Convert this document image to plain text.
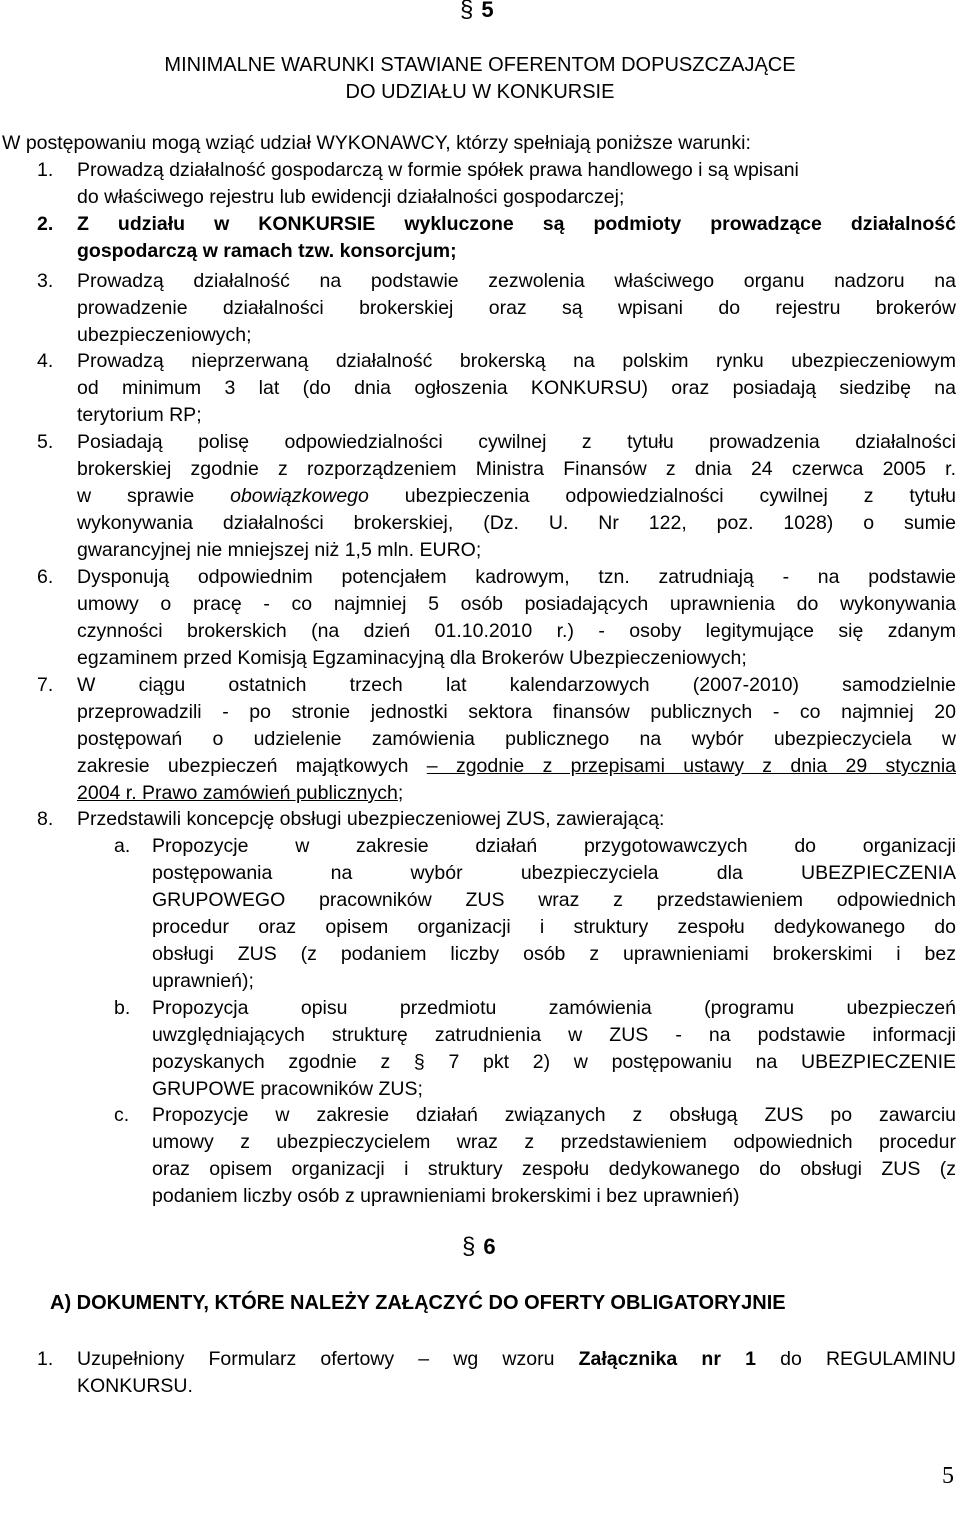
§ 5
MINIMALNE WARUNKI STAWIANE OFERENTOM DOPUSZCZAJĄCE
DO UDZIAŁU W KONKURSIE
W postępowaniu mogą wziąć udział WYKONAWCY, którzy spełniają poniższe warunki:
1. Prowadzą działalność gospodarczą w formie spółek prawa handlowego i są wpisani
do właściwego rejestru lub ewidencji działalności gospodarczej;
2. Z udziału w KONKURSIE wykluczone są podmioty prowadzące działalność
gospodarczą w ramach tzw. konsorcjum;
3. Prowadzą działalność na podstawie zezwolenia właściwego organu nadzoru na
prowadzenie działalności brokerskiej oraz są wpisani do rejestru brokerów
ubezpieczeniowych;
4. Prowadzą nieprzerwaną działalność brokerską na polskim rynku ubezpieczeniowym
od minimum 3 lat (do dnia ogłoszenia KONKURSU) oraz posiadają siedzibę na
terytorium RP;
5. Posiadają polisę odpowiedzialności cywilnej z tytułu prowadzenia działalności
brokerskiej zgodnie z rozporządzeniem Ministra Finansów z dnia 24 czerwca 2005 r.
w sprawie obowiązkowego ubezpieczenia odpowiedzialności cywilnej z tytułu
wykonywania działalności brokerskiej, (Dz. U. Nr 122, poz. 1028) o sumie
gwarancyjnej nie mniejszej niż 1,5 mln. EURO;
6. Dysponują odpowiednim potencjałem kadrowym, tzn. zatrudniają - na podstawie
umowy o pracę - co najmniej 5 osób posiadających uprawnienia do wykonywania
czynności brokerskich (na dzień 01.10.2010 r.) - osoby legitymujące się zdanym
egzaminem przed Komisją Egzaminacyjną dla Brokerów Ubezpieczeniowych;
7. W ciągu ostatnich trzech lat kalendarzowych (2007-2010) samodzielnie
przeprowadzili - po stronie jednostki sektora finansów publicznych - co najmniej 20
postępowań o udzielenie zamówienia publicznego na wybór ubezpieczyciela w
zakresie ubezpieczeń majątkowych – zgodnie z przepisami ustawy z dnia 29 stycznia
2004 r. Prawo zamówień publicznych;
8. Przedstawili koncepcję obsługi ubezpieczeniowej ZUS, zawierającą:
a. Propozycje w zakresie działań przygotowawczych do organizacji
postępowania na wybór ubezpieczyciela dla UBEZPIECZENIA
GRUPOWEGO pracowników ZUS wraz z przedstawieniem odpowiednich
procedur oraz opisem organizacji i struktury zespołu dedykowanego do
obsługi ZUS (z podaniem liczby osób z uprawnieniami brokerskimi i bez
uprawnień);
b. Propozycja opisu przedmiotu zamówienia (programu ubezpieczeń
uwzględniających strukturę zatrudnienia w ZUS - na podstawie informacji
pozyskanych zgodnie z § 7 pkt 2) w postępowaniu na UBEZPIECZENIE
GRUPOWE pracowników ZUS;
c. Propozycje w zakresie działań związanych z obsługą ZUS po zawarciu
umowy z ubezpieczycielem wraz z przedstawieniem odpowiednich procedur
oraz opisem organizacji i struktury zespołu dedykowanego do obsługi ZUS (z
podaniem liczby osób z uprawnieniami brokerskimi i bez uprawnień)
§ 6
A) DOKUMENTY, KTÓRE NALEŻY ZAŁĄCZYĆ DO OFERTY OBLIGATORYJNIE
1. Uzupełniony Formularz ofertowy – wg wzoru Załącznika nr 1 do REGULAMINU
KONKURSU.
5
